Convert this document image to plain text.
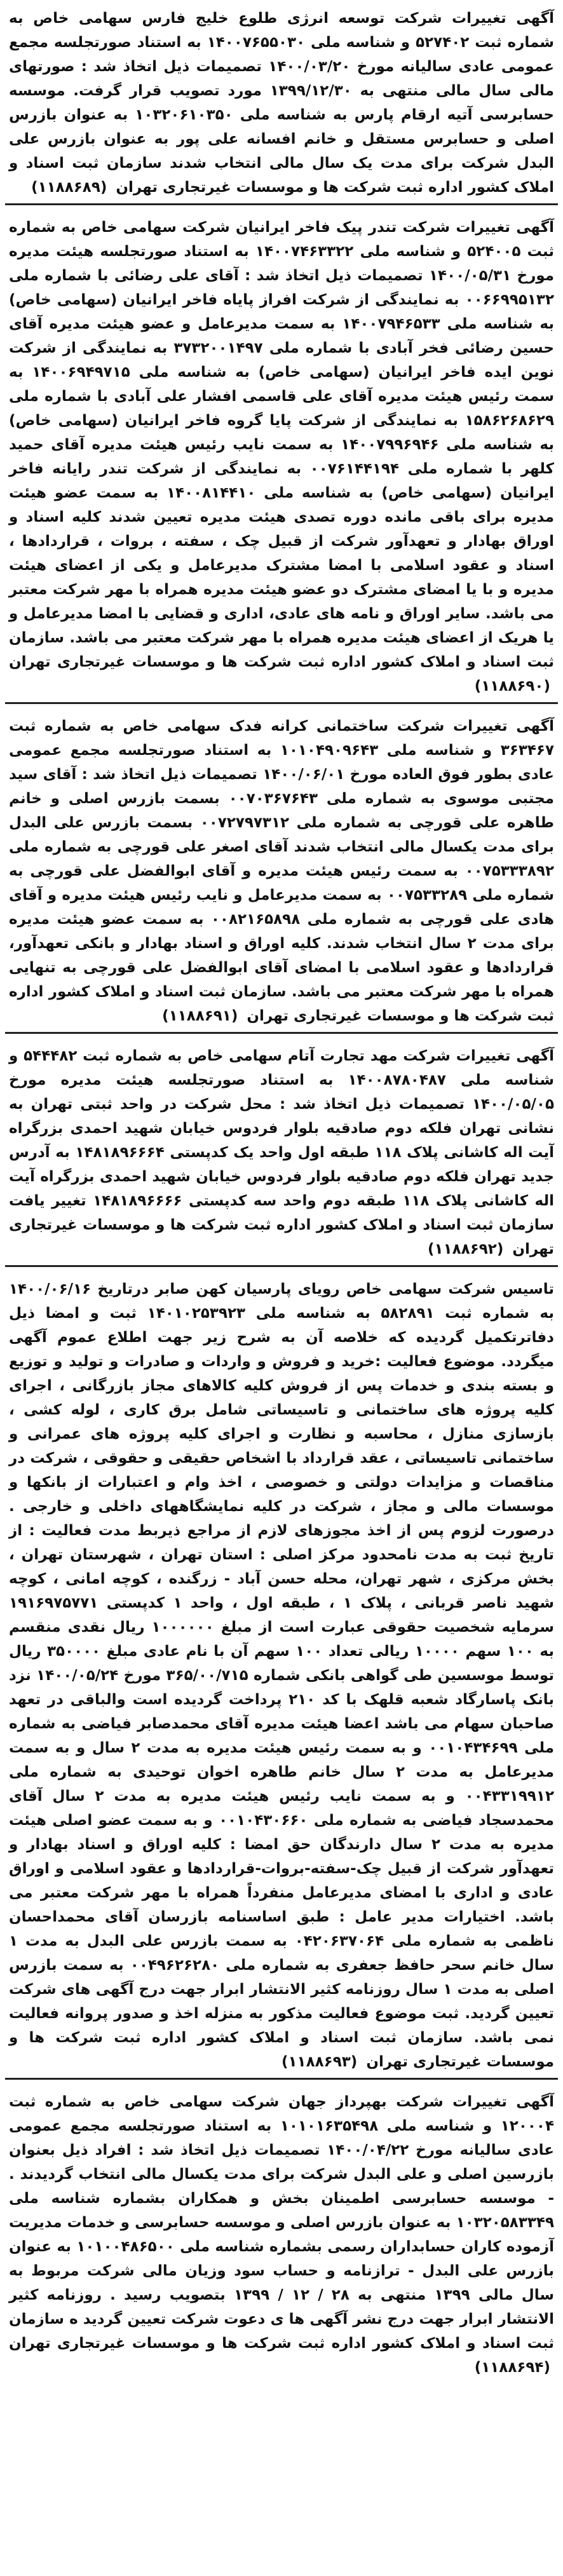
آگهی تغییرات شرکت توسعه انرژی طلوع خلیج فارس سهامی خاص به شماره ثبت ۵۲۷۴۰۲ و شناسه ملی ۱۴۰۰۷۶۵۵۰۳۰ به استناد صورتجلسه مجمع عمومی عادی سالیانه مورخ ۱۴۰۰/۰۳/۲۰ تصمیمات ذیل اتخاذ شد : صورتهای مالی سال مالی منتهی به ۱۳۹۹/۱۲/۳۰ مورد تصویب قرار گرفت. موسسه حسابرسی آتیه ارقام پارس به شناسه ملی ۱۰۳۲۰۶۱۰۳۵۰ به عنوان بازرس اصلی و حسابرس مستقل و خانم افسانه علی پور به عنوان بازرس علی البدل شرکت برای مدت یک سال مالی انتخاب شدند سازمان ثبت اسناد و املاک کشور اداره ثبت شرکت ها و موسسات غیرتجاری تهران (۱۱۸۸۶۸۹)
آگهی تغییرات شرکت تندر پیک فاخر ایرانیان شرکت سهامی خاص به شماره ثبت ۵۲۴۰۰۵ و شناسه ملی ۱۴۰۰۷۴۶۳۳۲۲ به استناد صورتجلسه هیئت مدیره مورخ ۱۴۰۰/۰۵/۳۱ تصمیمات ذیل اتخاذ شد : آقای علی رضائی با شماره ملی ۰۰۶۶۹۹۵۱۳۲ به نمایندگی از شرکت افراز پایاه فاخر ایرانیان (سهامی خاص) به شناسه ملی ۱۴۰۰۷۹۴۶۵۳۳ به سمت مدیرعامل و عضو هیئت مدیره آقای حسین رضائی فخر آبادی با شماره ملی ۳۷۳۲۰۰۱۴۹۷ به نمایندگی از شرکت نوین ایده فاخر ایرانیان (سهامی خاص) به شناسه ملی ۱۴۰۰۶۹۴۹۷۱۵ به سمت رئیس هیئت مدیره آقای علی قاسمی افشار علی آبادی با شماره ملی ۱۵۸۶۲۶۸۶۲۹ به نمایندگی از شرکت پایا گروه فاخر ایرانیان (سهامی خاص) به شناسه ملی ۱۴۰۰۷۹۹۶۹۴۶ به سمت نایب رئیس هیئت مدیره آقای حمید کلهر با شماره ملی ۰۰۷۶۱۴۴۱۹۴ به نمایندگی از شرکت تندر رایانه فاخر ایرانیان (سهامی خاص) به شناسه ملی ۱۴۰۰۸۱۴۴۱۰ به سمت عضو هیئت مدیره برای باقی مانده دوره تصدی هیئت مدیره تعیین شدند کلیه اسناد و اوراق بهادار و تعهدآور شرکت از قبیل چک ، سفته ، بروات ، قراردادها ، اسناد و عقود اسلامی با امضا مشترک مدیرعامل و یکی از اعضای هیئت مدیره و با یا امضای مشترک دو عضو هیئت مدیره همراه با مهر شرکت معتبر می باشد. سایر اوراق و نامه های عادی، اداری و قضایی با امضا مدیرعامل و یا هریک از اعضای هیئت مدیره همراه با مهر شرکت معتبر می باشد. سازمان ثبت اسناد و املاک کشور اداره ثبت شرکت ها و موسسات غیرتجاری تهران (۱۱۸۸۶۹۰)
آگهی تغییرات شرکت ساختمانی کرانه فدک سهامی خاص به شماره ثبت ۳۶۳۴۶۷ و شناسه ملی ۱۰۱۰۴۹۰۹۶۴۳ به استناد صورتجلسه مجمع عمومی عادی بطور فوق العاده مورخ ۱۴۰۰/۰۶/۰۱ تصمیمات ذیل اتخاذ شد : آقای سید مجتبی موسوی به شماره ملی ۰۰۷۰۳۶۷۶۴۳ بسمت بازرس اصلی و خانم طاهره علی قورچی به شماره ملی ۰۰۷۲۷۹۷۳۱۲ بسمت بازرس علی البدل برای مدت یکسال مالی انتخاب شدند آقای اصغر علی قورچی به شماره ملی ۰۰۷۵۳۳۳۸۹۲ به سمت رئیس هیئت مدیره و آقای ابوالفضل علی قورچی به شماره ملی ۰۰۷۵۳۳۲۸۹ به سمت مدیرعامل و نایب رئیس هیئت مدیره و آقای هادی علی قورچی به شماره ملی ۰۰۸۲۱۶۵۸۹۸ به سمت عضو هیئت مدیره برای مدت ۲ سال انتخاب شدند. کلیه اوراق و اسناد بهادار و بانکی تعهدآور، قراردادها و عقود اسلامی با امضای آقای ابوالفضل علی قورچی به تنهایی همراه با مهر شرکت معتبر می باشد. سازمان ثبت اسناد و املاک کشور اداره ثبت شرکت ها و موسسات غیرتجاری تهران (۱۱۸۸۶۹۱)
آگهی تغییرات شرکت مهد تجارت آتام سهامی خاص به شماره ثبت ۵۴۴۴۸۲ و شناسه ملی ۱۴۰۰۸۷۸۰۴۸۷ به استناد صورتجلسه هیئت مدیره مورخ ۱۴۰۰/۰۵/۰۵ تصمیمات ذیل اتخاذ شد : محل شرکت در واحد ثبتی تهران به نشانی تهران فلکه دوم صادقیه بلوار فردوس خیابان شهید احمدی بزرگراه آیت اله کاشانی پلاک ۱۱۸ طبقه اول واحد یک کدپستی ۱۴۸۱۸۹۶۶۶۴ به آدرس جدید تهران فلکه دوم صادقیه بلوار فردوس خیابان شهید احمدی بزرگراه آیت اله کاشانی پلاک ۱۱۸ طبقه دوم واحد سه کدپستی ۱۴۸۱۸۹۶۶۶۶ تغییر یافت سازمان ثبت اسناد و املاک کشور اداره ثبت شرکت ها و موسسات غیرتجاری تهران (۱۱۸۸۶۹۲)
تاسیس شرکت سهامی خاص رویای پارسیان کهن صابر درتاریخ ۱۴۰۰/۰۶/۱۶ به شماره ثبت ۵۸۲۸۹۱ به شناسه ملی ۱۴۰۱۰۲۵۳۹۲۳ ثبت و امضا ذیل دفاترتکمیل گردیده که خلاصه آن به شرح زیر جهت اطلاع عموم آگهی میگردد. موضوع فعالیت :خرید و فروش و واردات و صادرات و تولید و توزیع و بسته بندی و خدمات پس از فروش کلیه کالاهای مجاز بازرگانی ، اجرای کلیه پروژه های ساختمانی و تاسیساتی شامل برق کاری ، لوله کشی ، بازسازی منازل ، محاسبه و نظارت و اجرای کلیه پروژه های عمرانی و ساختمانی تاسیساتی ، عقد قرارداد با اشخاص حقیقی و حقوقی ، شرکت در مناقصات و مزایدات دولتی و خصوصی ، اخذ وام و اعتبارات از بانکها و موسسات مالی و مجاز ، شرکت در کلیه نمایشگاههای داخلی و خارجی . درصورت لزوم پس از اخذ مجوزهای لازم از مراجع ذیربط مدت فعالیت : از تاریخ ثبت به مدت نامحدود مرکز اصلی : استان تهران ، شهرستان تهران ، بخش مرکزی ، شهر تهران، محله حسن آباد - زرگنده ، کوچه امانی ، کوچه شهید ناصر قربانی ، پلاک ۱ ، طبقه اول ، واحد ۱ کدپستی ۱۹۱۶۹۷۵۷۷۱ سرمایه شخصیت حقوقی عبارت است از مبلغ ۱۰۰۰۰۰۰ ریال نقدی منقسم به ۱۰۰ سهم ۱۰۰۰۰ ریالی تعداد ۱۰۰ سهم آن با نام عادی مبلغ ۳۵۰۰۰۰ ریال توسط موسسین طی گواهی بانکی شماره ۳۶۵/۰۰/۷۱۵ مورخ ۱۴۰۰/۰۵/۲۴ نزد بانک پاسارگاد شعبه قلهک با کد ۲۱۰ پرداخت گردیده است والباقی در تعهد صاحبان سهام می باشد اعضا هیئت مدیره آقای محمدصابر فیاضی به شماره ملی ۰۰۱۰۴۳۴۶۹۹ و به سمت رئیس هیئت مدیره به مدت ۲ سال و به سمت مدیرعامل به مدت ۲ سال خانم طاهره اخوان توحیدی به شماره ملی ۰۰۴۳۳۱۹۹۱۲ و به سمت نایب رئیس هیئت مدیره به مدت ۲ سال آقای محمدسجاد فیاضی به شماره ملی ۰۰۱۰۴۳۰۶۶۰ و به سمت عضو اصلی هیئت مدیره به مدت ۲ سال دارندگان حق امضا : کلیه اوراق و اسناد بهادار و تعهدآور شرکت از قبیل چک-سفته-بروات-قراردادها و عقود اسلامی و اوراق عادی و اداری با امضای مدیرعامل منفرداً همراه با مهر شرکت معتبر می باشد. اختیارات مدیر عامل : طبق اساسنامه بازرسان آقای محمداحسان ناظمی به شماره ملی ۰۴۲۰۶۳۷۰۶۴ به سمت بازرس علی البدل به مدت ۱ سال خانم سحر حافظ جعفری به شماره ملی ۰۰۴۹۶۲۶۲۸۰ به سمت بازرس اصلی به مدت ۱ سال روزنامه کثیر الانتشار ابرار جهت درج آگهی های شرکت تعیین گردید. ثبت موضوع فعالیت مذکور به منزله اخذ و صدور پروانه فعالیت نمی باشد. سازمان ثبت اسناد و املاک کشور اداره ثبت شرکت ها و موسسات غیرتجاری تهران (۱۱۸۸۶۹۳)
آگهی تغییرات شرکت بهپرداز جهان شرکت سهامی خاص به شماره ثبت ۱۲۰۰۰۴ و شناسه ملی ۱۰۱۰۱۶۳۵۴۹۸ به استناد صورتجلسه مجمع عمومی عادی سالیانه مورخ ۱۴۰۰/۰۴/۲۲ تصمیمات ذیل اتخاذ شد : افراد ذیل بعنوان بازرسین اصلی و علی البدل شرکت برای مدت یکسال مالی انتخاب گردیدند . - موسسه حسابرسی اطمینان بخش و همکاران بشماره شناسه ملی ۱۰۳۲۰۵۸۳۳۴۹ به عنوان بازرس اصلی و موسسه حسابرسی و خدمات مدیریت آزموده کاران حسابداران رسمی بشماره شناسه ملی ۱۰۱۰۰۴۸۶۵۰۰ به عنوان بازرس علی البدل - ترازنامه و حساب سود وزیان مالی شرکت مربوط به سال مالی ۱۳۹۹ منتهی به ۲۸ / ۱۲ / ۱۳۹۹ بتصویب رسید . روزنامه کثیر الانتشار ابرار جهت درج نشر آگهی ها ی دعوت شرکت تعیین گردید ه سازمان ثبت اسناد و املاک کشور اداره ثبت شرکت ها و موسسات غیرتجاری تهران (۱۱۸۸۶۹۴)
